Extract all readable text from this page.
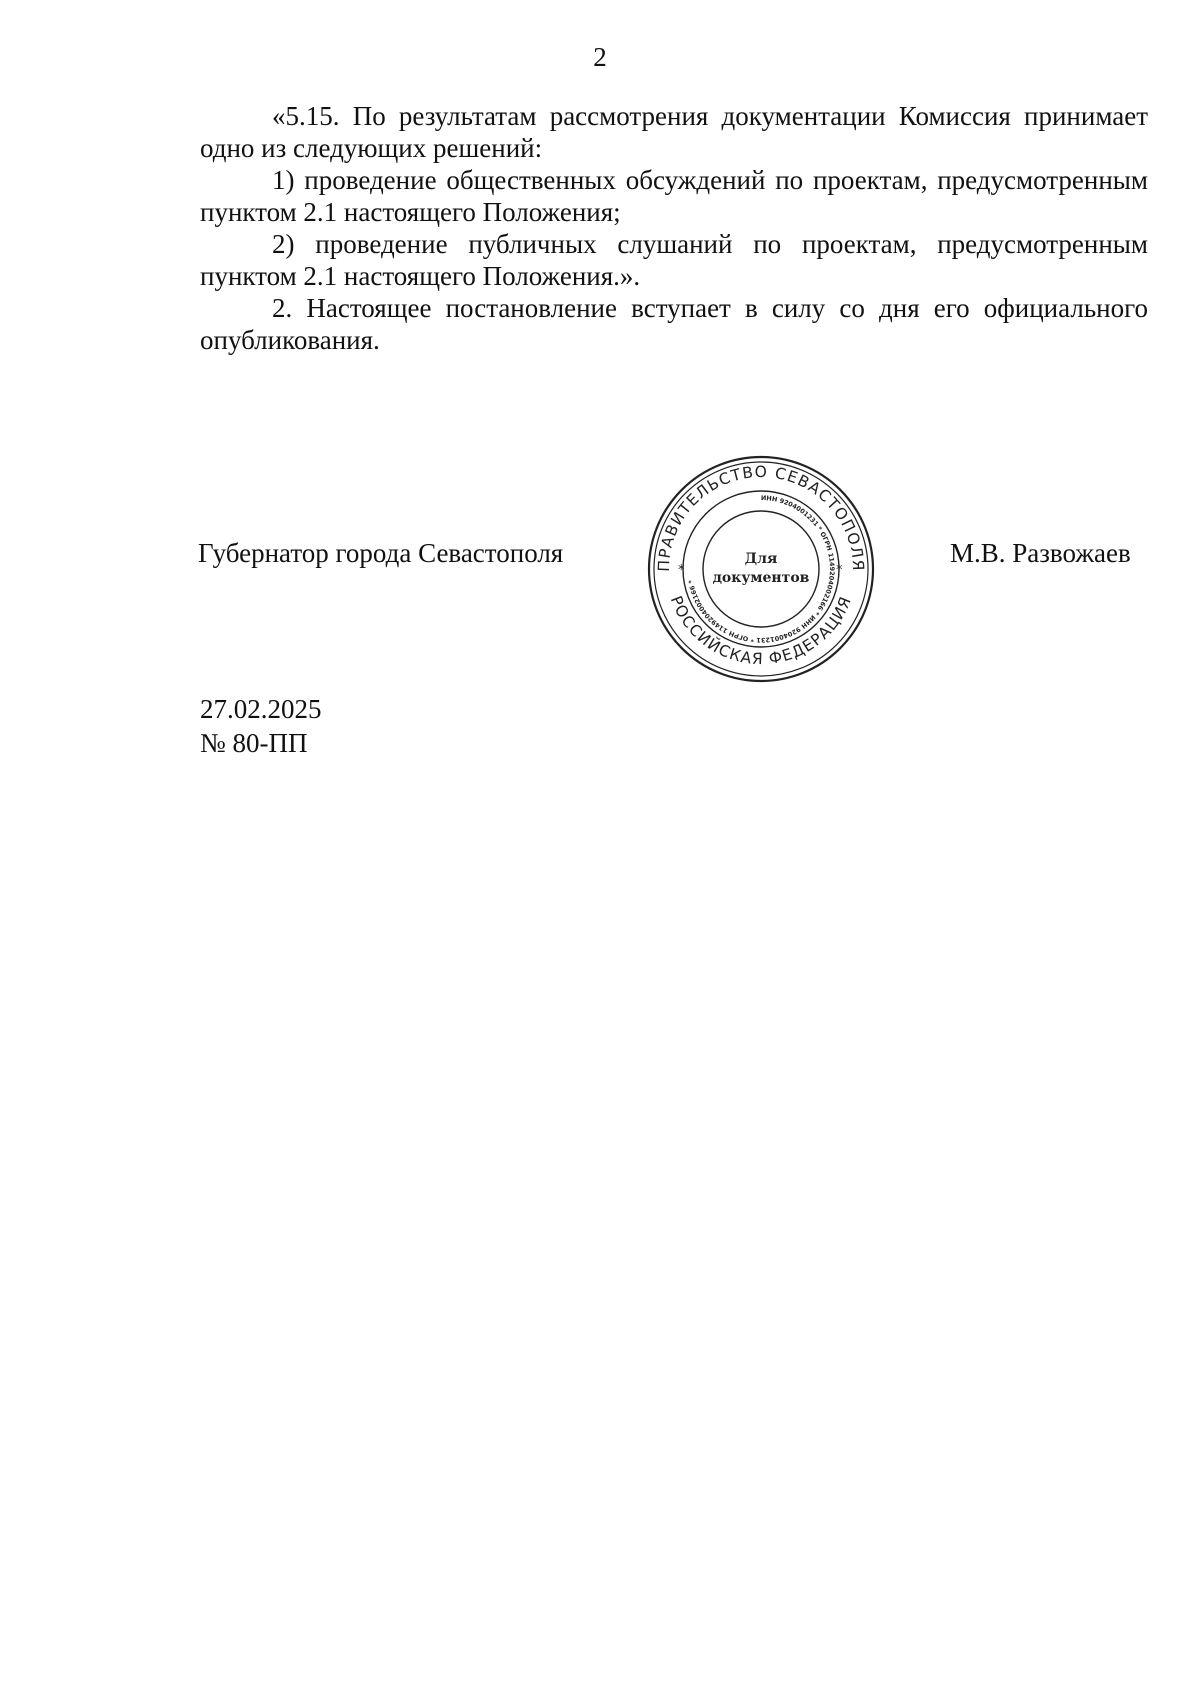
2

«5.15. По результатам рассмотрения документации Комиссия принимает одно из следующих решений:

1) проведение общественных обсуждений по проектам, предусмотренным пунктом 2.1 настоящего Положения;

2) проведение публичных слушаний по проектам, предусмотренным пунктом 2.1 настоящего Положения.».

2. Настоящее постановление вступает в силу со дня его официального опубликования.

Губернатор города Севастополя	ПРАВИТЕЛЬСТВО СЕВАСТОПОЛЯ
РОССИЙСКАЯ ФЕДЕРАЦИЯ
*	*
ИНН 9204001231 * ОГРН 1149204002166 * ИНН 9204001231 * ОГРН 1149204002166 *
Для
документов
М.В. Развожаев
27.02.2025
№ 80-ПП
